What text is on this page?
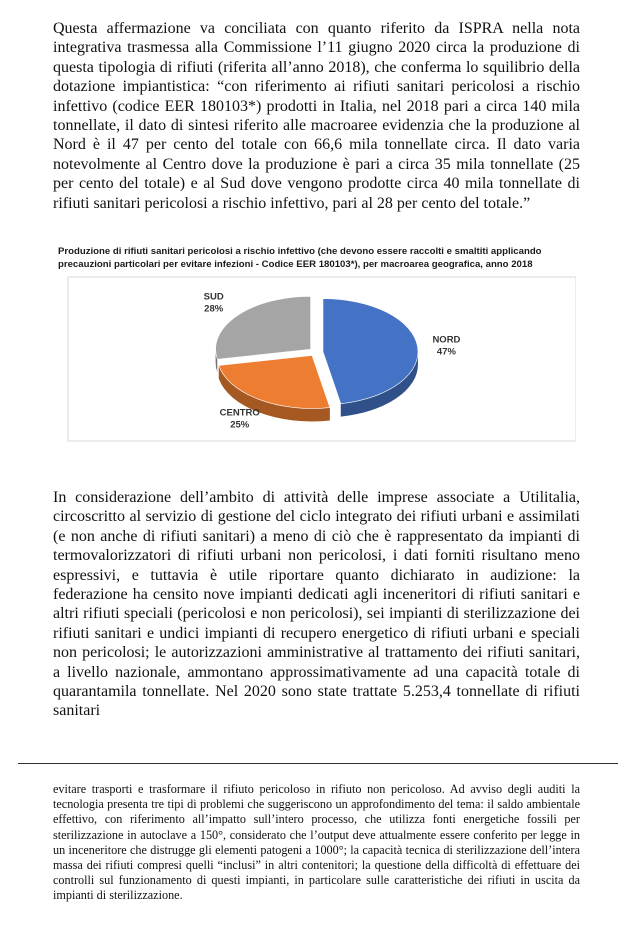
Questa affermazione va conciliata con quanto riferito da ISPRA nella nota integrativa trasmessa alla Commissione l’11 giugno 2020 circa la produzione di questa tipologia di rifiuti (riferita all’anno 2018), che conferma lo squilibrio della dotazione impiantistica: “con riferimento ai rifiuti sanitari pericolosi a rischio infettivo (codice EER 180103*) prodotti in Italia, nel 2018 pari a circa 140 mila tonnellate, il dato di sintesi riferito alle macroaree evidenzia che la produzione al Nord è il 47 per cento del totale con 66,6 mila tonnellate circa. Il dato varia notevolmente al Centro dove la produzione è pari a circa 35 mila tonnellate (25 per cento del totale) e al Sud dove vengono prodotte circa 40 mila tonnellate di rifiuti sanitari pericolosi a rischio infettivo, pari al 28 per cento del totale.”

Produzione di rifiuti sanitari pericolosi a rischio infettivo (che devono essere raccolti e smaltiti applicando precauzioni particolari per evitare infezioni - Codice EER 180103*), per macroarea geografica, anno 2018
NORD
47%
CENTRO
25%
SUD
28%

In considerazione dell’ambito di attività delle imprese associate a Utilitalia, circoscritto al servizio di gestione del ciclo integrato dei rifiuti urbani e assimilati (e non anche di rifiuti sanitari) a meno di ciò che è rappresentato da impianti di termovalorizzatori di rifiuti urbani non pericolosi, i dati forniti risultano meno espressivi, e tuttavia è utile riportare quanto dichiarato in audizione: la federazione ha censito nove impianti dedicati agli inceneritori di rifiuti sanitari e altri rifiuti speciali (pericolosi e non pericolosi), sei impianti di sterilizzazione dei rifiuti sanitari e undici impianti di recupero energetico di rifiuti urbani e speciali non pericolosi; le autorizzazioni amministrative al trattamento dei rifiuti sanitari, a livello nazionale, ammontano approssimativamente ad una capacità totale di quarantamila tonnellate. Nel 2020 sono state trattate 5.253,4 tonnellate di rifiuti sanitari

evitare trasporti e trasformare il rifiuto pericoloso in rifiuto non pericoloso. Ad avviso degli auditi la tecnologia presenta tre tipi di problemi che suggeriscono un approfondimento del tema: il saldo ambientale effettivo, con riferimento all’impatto sull’intero processo, che utilizza fonti energetiche fossili per sterilizzazione in autoclave a 150°, considerato che l’output deve attualmente essere conferito per legge in un inceneritore che distrugge gli elementi patogeni a 1000°; la capacità tecnica di sterilizzazione dell’intera massa dei rifiuti compresi quelli “inclusi” in altri contenitori; la questione della difficoltà di effettuare dei controlli sul funzionamento di questi impianti, in particolare sulle caratteristiche dei rifiuti in uscita da impianti di sterilizzazione.
